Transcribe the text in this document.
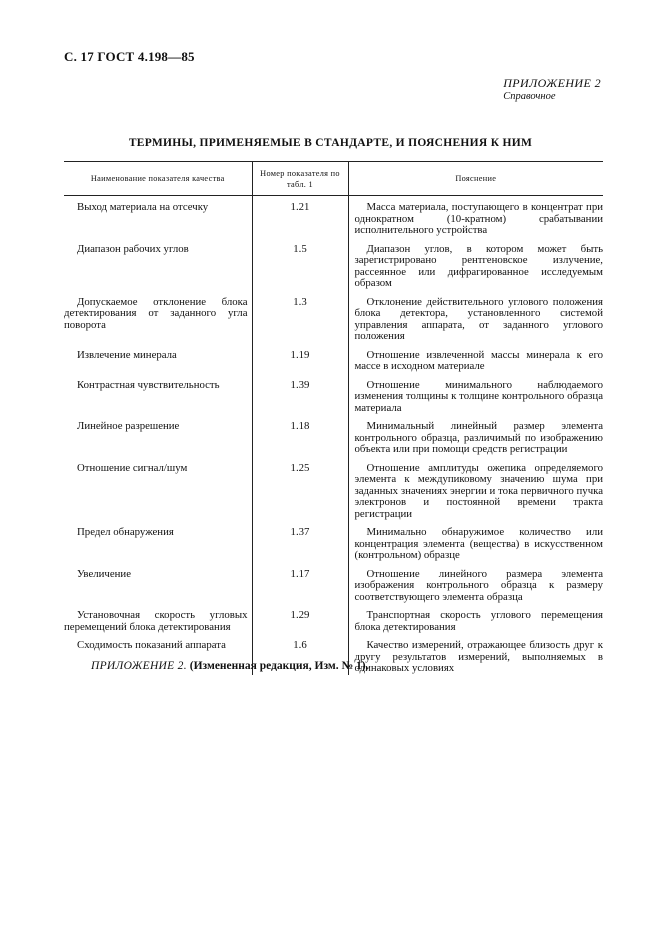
С. 17 ГОСТ 4.198—85
ПРИЛОЖЕНИЕ 2
Справочное
ТЕРМИНЫ, ПРИМЕНЯЕМЫЕ В СТАНДАРТЕ, И ПОЯСНЕНИЯ К НИМ
Наименование показателя качества	Номер показателя по табл. 1	Пояснение

Выход материала на отсечку	1.21	Масса материала, поступающего в концентрат при однократном (10-кратном) срабатывании исполнительного устройства

Диапазон рабочих углов	1.5	Диапазон углов, в котором может быть зарегистрировано рентгеновское излучение, рассеянное или дифрагированное исследуемым образом

Допускаемое отклонение блока детектирования от заданного угла поворота	1.3	Отклонение действительного углового положения блока детектора, установленного системой управления аппарата, от заданного углового положения

Извлечение минерала	1.19	Отношение извлеченной массы минерала к его массе в исходном материале

Контрастная чувствительность	1.39	Отношение минимального наблюдаемого изменения толщины к толщине контрольного образца материала

Линейное разрешение	1.18	Минимальный линейный размер элемента контрольного образца, различимый по изображению объекта или при помощи средств регистрации

Отношение сигнал/шум	1.25	Отношение амплитуды ожепика определяемого элемента к междупиковому значению шума при заданных значениях энергии и тока первичного пучка электронов и постоянной времени тракта регистрации

Предел обнаружения	1.37	Минимально обнаружимое количество или концентрация элемента (вещества) в искусственном (контрольном) образце

Увеличение	1.17	Отношение линейного размера элемента изображения контрольного образца к размеру соответствующего элемента образца

Установочная скорость угловых перемещений блока детектирования	1.29	Транспортная скорость углового перемещения блока детектирования

Сходимость показаний аппарата	1.6	Качество измерений, отражающее близость друг к другу результатов измерений, выполняемых в одинаковых условиях
ПРИЛОЖЕНИЕ 2. (Измененная редакция, Изм. № 1).
